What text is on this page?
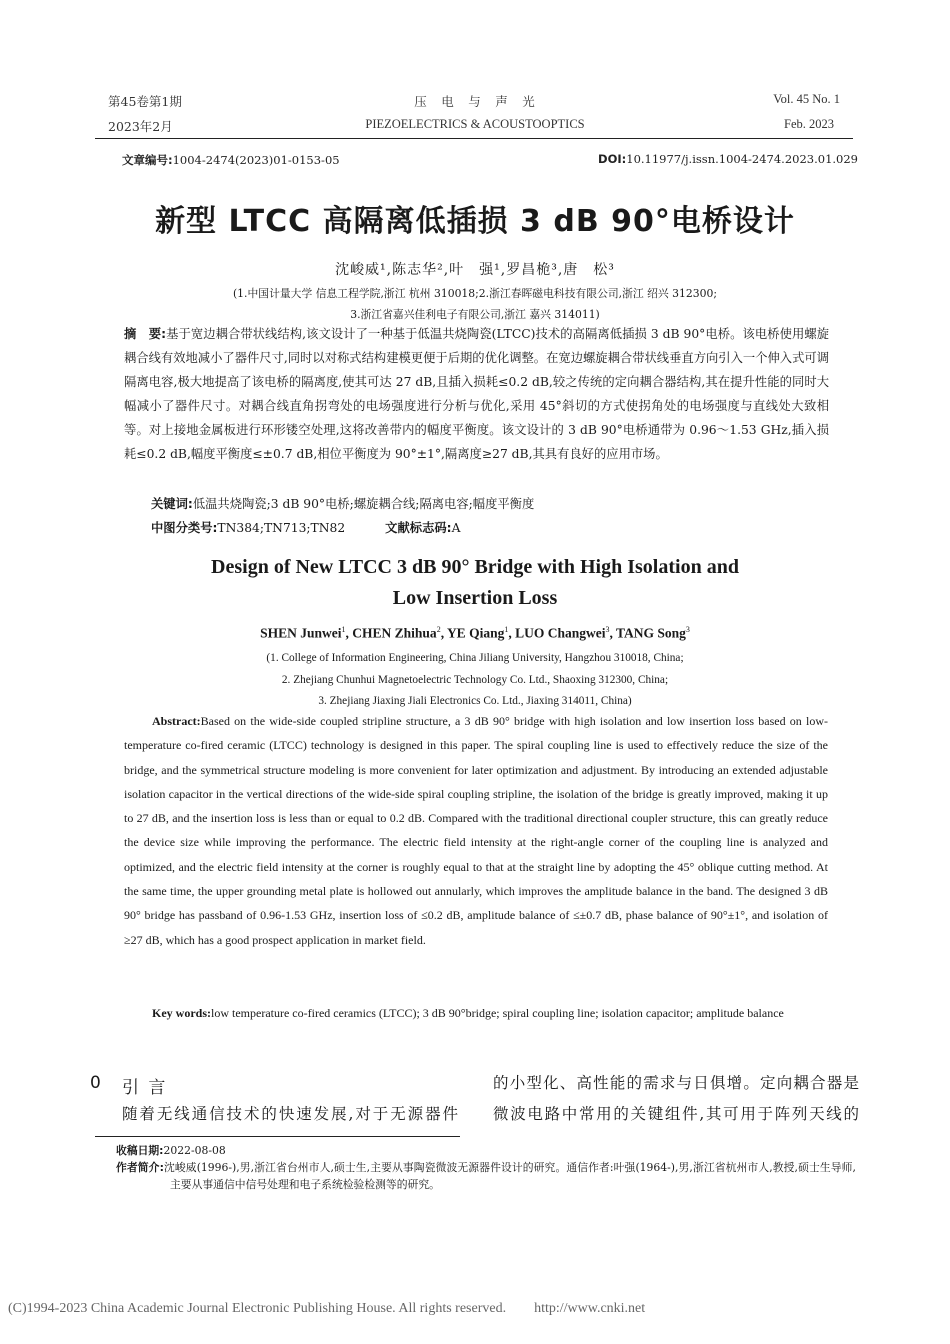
第45卷第1期
2023年2月
压　电　与　声　光
PIEZOELECTRICS & ACOUSTOOPTICS
Vol. 45 No. 1
Feb. 2023
文章编号:1004-2474(2023)01-0153-05	DOI:10.11977/j.issn.1004-2474.2023.01.029
新型 LTCC 高隔离低插损 3 dB 90°电桥设计
沈峻威¹,陈志华²,叶　强¹,罗昌桅³,唐　松³
(1.中国计量大学 信息工程学院,浙江 杭州 310018;2.浙江春晖磁电科技有限公司,浙江 绍兴 312300;
3.浙江省嘉兴佳利电子有限公司,浙江 嘉兴 314011)
摘　要:基于宽边耦合带状线结构,该文设计了一种基于低温共烧陶瓷(LTCC)技术的高隔离低插损 3 dB 90°电桥。该电桥使用螺旋耦合线有效地减小了器件尺寸,同时以对称式结构建模更便于后期的优化调整。在宽边螺旋耦合带状线垂直方向引入一个伸入式可调隔离电容,极大地提高了该电桥的隔离度,使其可达 27 dB,且插入损耗≤0.2 dB,较之传统的定向耦合器结构,其在提升性能的同时大幅减小了器件尺寸。对耦合线直角拐弯处的电场强度进行分析与优化,采用 45°斜切的方式使拐角处的电场强度与直线处大致相等。对上接地金属板进行环形镂空处理,这将改善带内的幅度平衡度。该文设计的 3 dB 90°电桥通带为 0.96～1.53 GHz,插入损耗≤0.2 dB,幅度平衡度≤±0.7 dB,相位平衡度为 90°±1°,隔离度≥27 dB,其具有良好的应用市场。
关键词:低温共烧陶瓷;3 dB 90°电桥;螺旋耦合线;隔离电容;幅度平衡度
中图分类号:TN384;TN713;TN82	文献标志码:A
Design of New LTCC 3 dB 90° Bridge with High Isolation and
Low Insertion Loss
SHEN Junwei$^1$, CHEN Zhihua$^2$, YE Qiang$^1$, LUO Changwei$^3$, TANG Song$^3$
(1. College of Information Engineering, China Jiliang University, Hangzhou 310018, China;
2. Zhejiang Chunhui Magnetoelectric Technology Co. Ltd., Shaoxing 312300, China;
3. Zhejiang Jiaxing Jiali Electronics Co. Ltd., Jiaxing 314011, China)
Abstract:Based on the wide-side coupled stripline structure, a 3 dB 90° bridge with high isolation and low insertion loss based on low-temperature co-fired ceramic (LTCC) technology is designed in this paper. The spiral coupling line is used to effectively reduce the size of the bridge, and the symmetrical structure modeling is more convenient for later optimization and adjustment. By introducing an extended adjustable isolation capacitor in the vertical directions of the wide-side spiral coupling stripline, the isolation of the bridge is greatly improved, making it up to 27 dB, and the insertion loss is less than or equal to 0.2 dB. Compared with the traditional directional coupler structure, this can greatly reduce the device size while improving the performance. The electric field intensity at the right-angle corner of the coupling line is analyzed and optimized, and the electric field intensity at the corner is roughly equal to that at the straight line by adopting the 45° oblique cutting method. At the same time, the upper grounding metal plate is hollowed out annularly, which improves the amplitude balance in the band. The designed 3 dB 90° bridge has passband of 0.96-1.53 GHz, insertion loss of ≤0.2 dB, amplitude balance of ≤±0.7 dB, phase balance of 90°±1°, and isolation of ≥27 dB, which has a good prospect application in market field.
Key words:low temperature co-fired ceramics (LTCC); 3 dB 90°bridge; spiral coupling line; isolation capacitor; amplitude balance
0 引 言
随着无线通信技术的快速发展,对于无源器件
的小型化、高性能的需求与日俱增。定向耦合器是
微波电路中常用的关键组件,其可用于阵列天线的
收稿日期:2022-08-08
作者简介:沈峻威(1996-),男,浙江省台州市人,硕士生,主要从事陶瓷微波无源器件设计的研究。通信作者:叶强(1964-),男,浙江省杭州市人,教授,硕士生导师,主要从事通信中信号处理和电子系统检验检测等的研究。
(C)1994-2023 China Academic Journal Electronic Publishing House. All rights reserved.　　http://www.cnki.net
